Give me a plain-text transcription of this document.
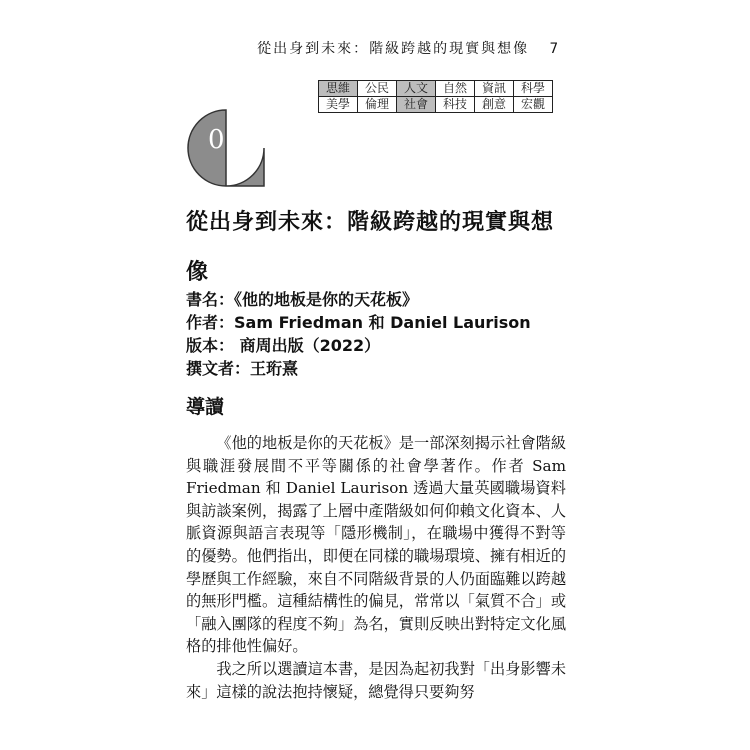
從出身到未來：階級跨越的現實與想像 7
思維	公民	人文	自然	資訊	科學
美學	倫理	社會	科技	創意	宏觀
01
從出身到未來：階級跨越的現實與想像
書名：《他的地板是你的天花板》
作者：Sam Friedman 和 Daniel Laurison
版本： 商周出版（2022）
撰文者：王珩熹
導讀

《他的地板是你的天花板》是一部深刻揭示社會階級與職涯發展間不平等關係的社會學著作。作者 Sam Friedman 和 Daniel Laurison 透過大量英國職場資料與訪談案例，揭露了上層中產階級如何仰賴文化資本、人脈資源與語言表現等「隱形機制」，在職場中獲得不對等的優勢。他們指出，即便在同樣的職場環境、擁有相近的學歷與工作經驗，來自不同階級背景的人仍面臨難以跨越的無形門檻。這種結構性的偏見，常常以「氣質不合」或「融入團隊的程度不夠」為名，實則反映出對特定文化風格的排他性偏好。

我之所以選讀這本書，是因為起初我對「出身影響未來」這樣的說法抱持懷疑，總覺得只要夠努
